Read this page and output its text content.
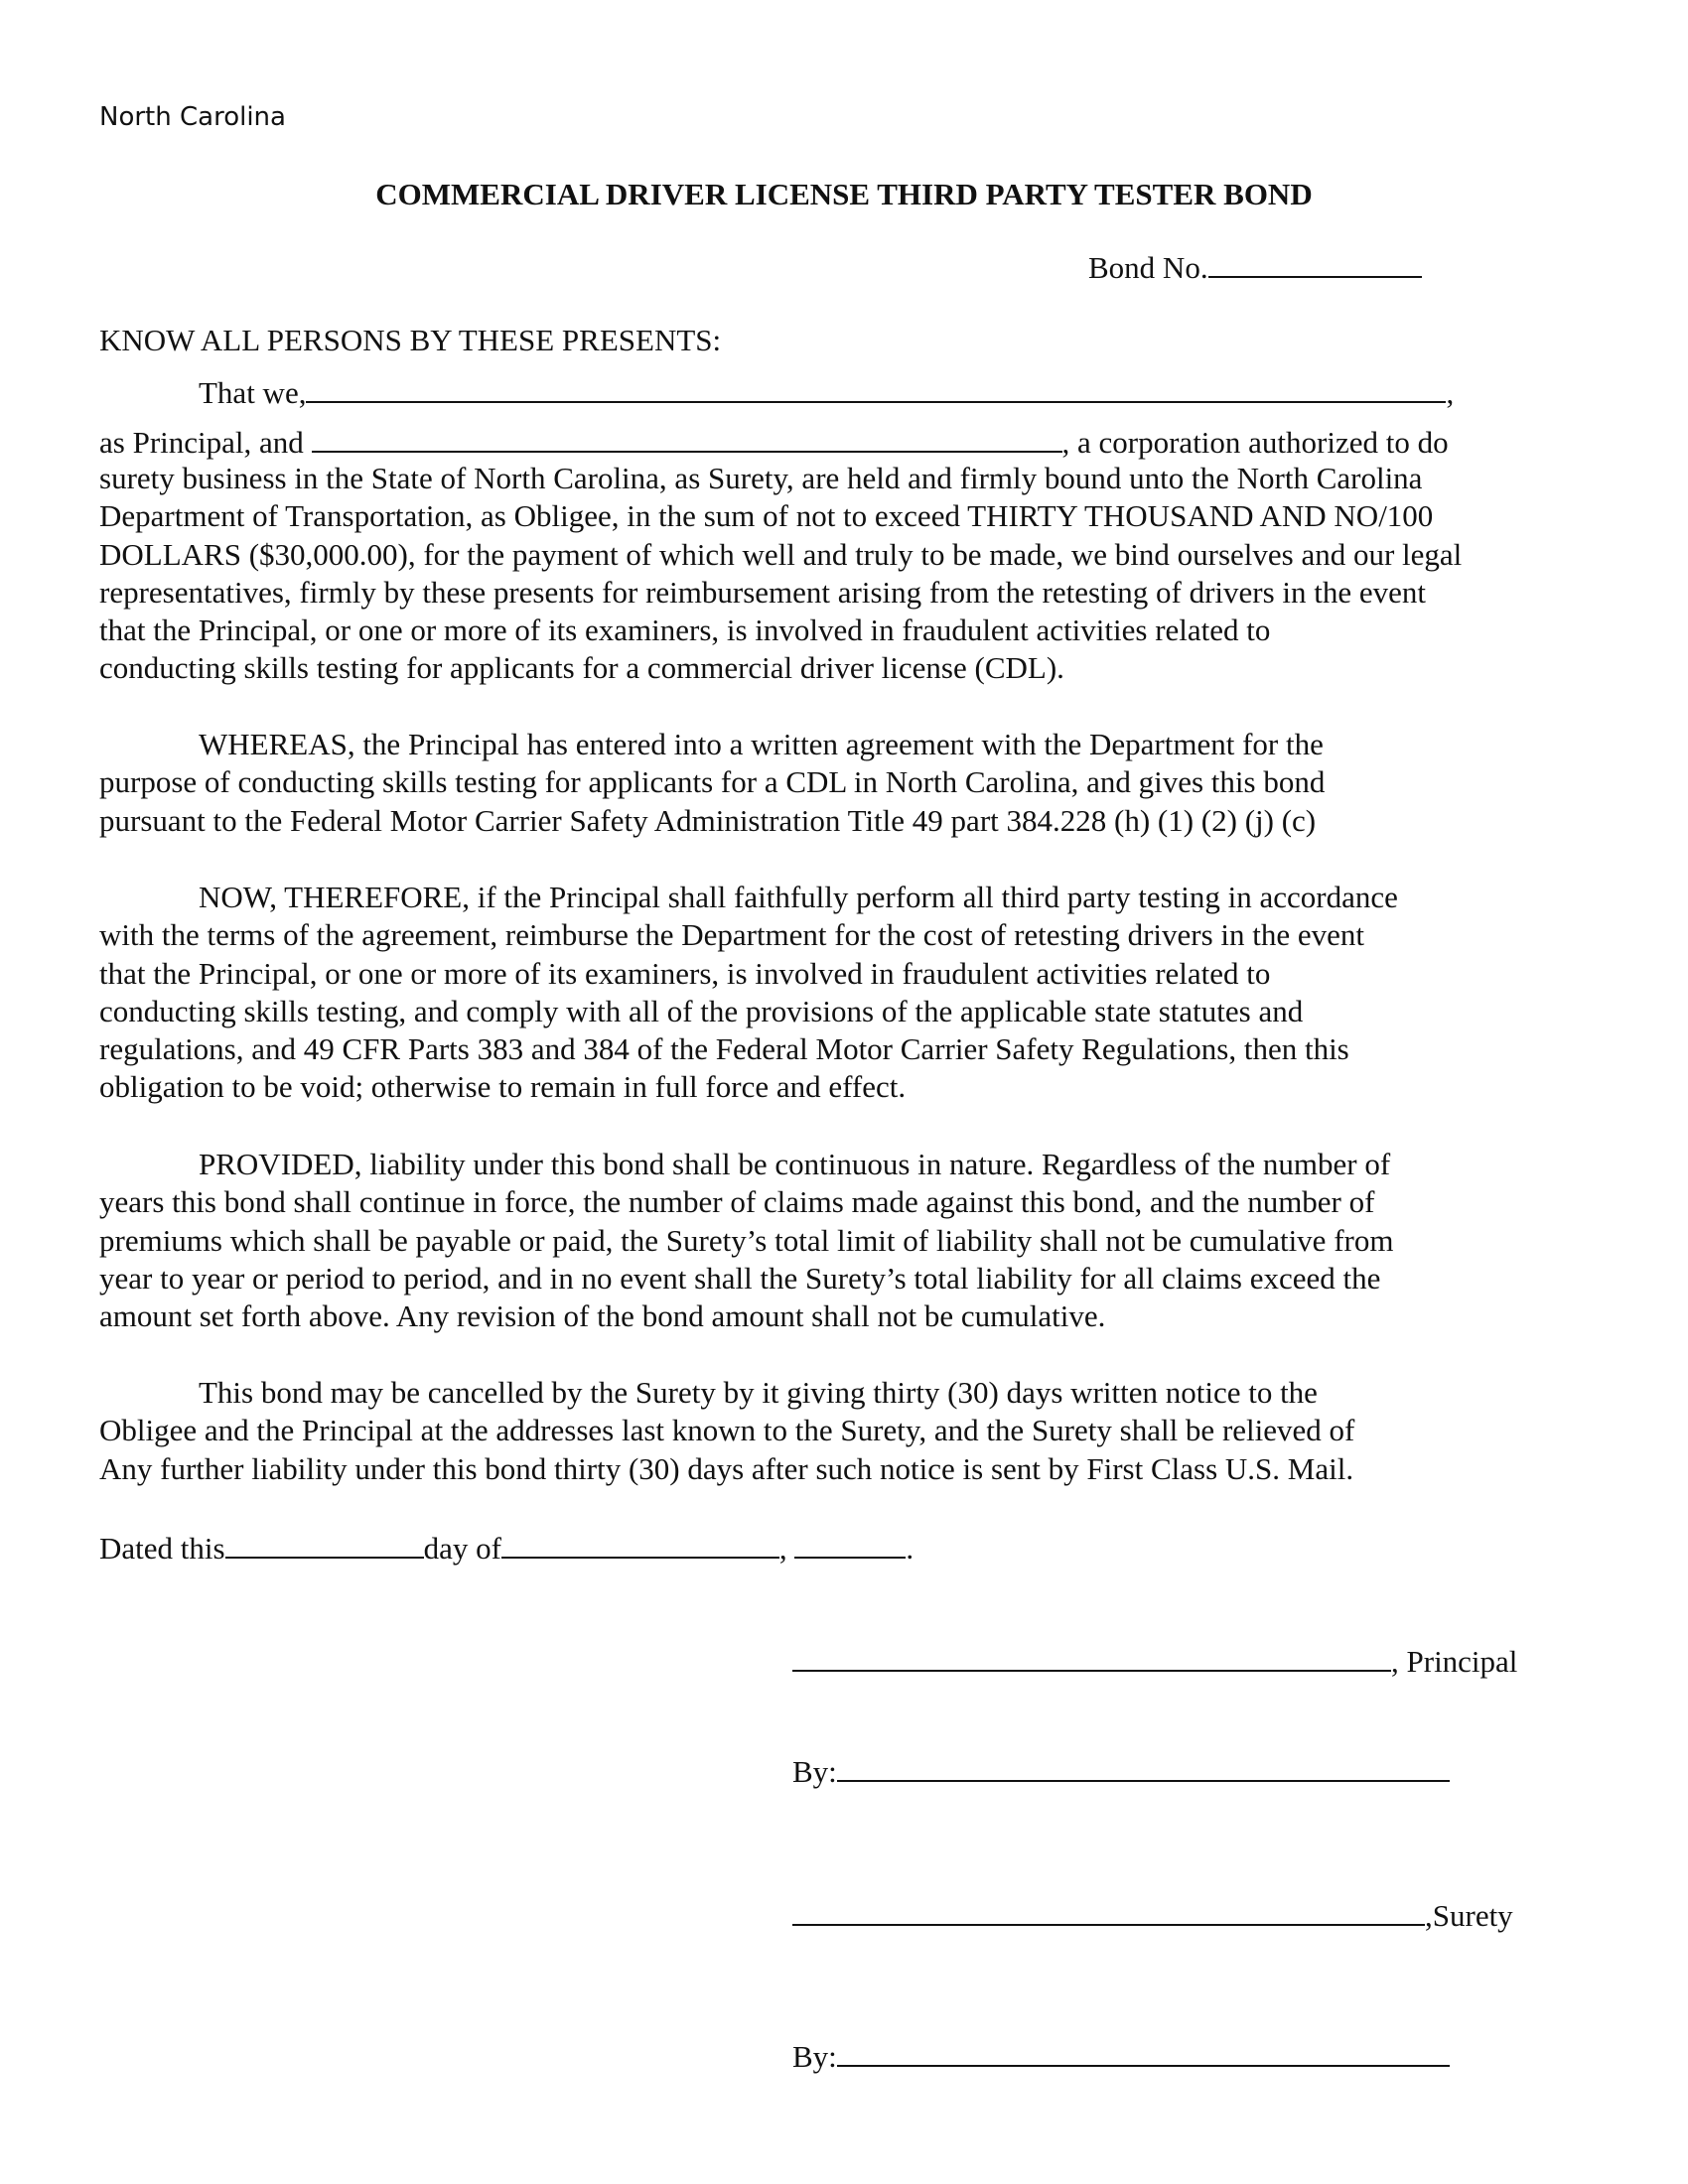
North Carolina
COMMERCIAL DRIVER LICENSE THIRD PARTY TESTER BOND
Bond No.
KNOW ALL PERSONS BY THESE PRESENTS:
That we,	,
as Principal, and	, a corporation authorized to do
surety business in the State of North Carolina, as Surety, are held and firmly bound unto the North Carolina
Department of Transportation, as Obligee, in the sum of not to exceed THIRTY THOUSAND AND NO/100
DOLLARS ($30,000.00), for the payment of which well and truly to be made, we bind ourselves and our legal
representatives, firmly by these presents for reimbursement arising from the retesting of drivers in the event
that the Principal, or one or more of its examiners, is involved in fraudulent activities related to
conducting skills testing for applicants for a commercial driver license (CDL).
WHEREAS, the Principal has entered into a written agreement with the Department for the
purpose of conducting skills testing for applicants for a CDL in North Carolina, and gives this bond
pursuant to the Federal Motor Carrier Safety Administration Title 49 part 384.228 (h) (1) (2) (j) (c)
NOW, THEREFORE, if the Principal shall faithfully perform all third party testing in accordance
with the terms of the agreement, reimburse the Department for the cost of retesting drivers in the event
that the Principal, or one or more of its examiners, is involved in fraudulent activities related to
conducting skills testing, and comply with all of the provisions of the applicable state statutes and
regulations, and 49 CFR Parts 383 and 384 of the Federal Motor Carrier Safety Regulations, then this
obligation to be void; otherwise to remain in full force and effect.
PROVIDED, liability under this bond shall be continuous in nature. Regardless of the number of
years this bond shall continue in force, the number of claims made against this bond, and the number of
premiums which shall be payable or paid, the Surety’s total limit of liability shall not be cumulative from
year to year or period to period, and in no event shall the Surety’s total liability for all claims exceed the
amount set forth above. Any revision of the bond amount shall not be cumulative.
This bond may be cancelled by the Surety by it giving thirty (30) days written notice to the
Obligee and the Principal at the addresses last known to the Surety, and the Surety shall be relieved of
Any further liability under this bond thirty (30) days after such notice is sent by First Class U.S. Mail.
Dated this	day of	,	.
, Principal
By:
,Surety
By:
